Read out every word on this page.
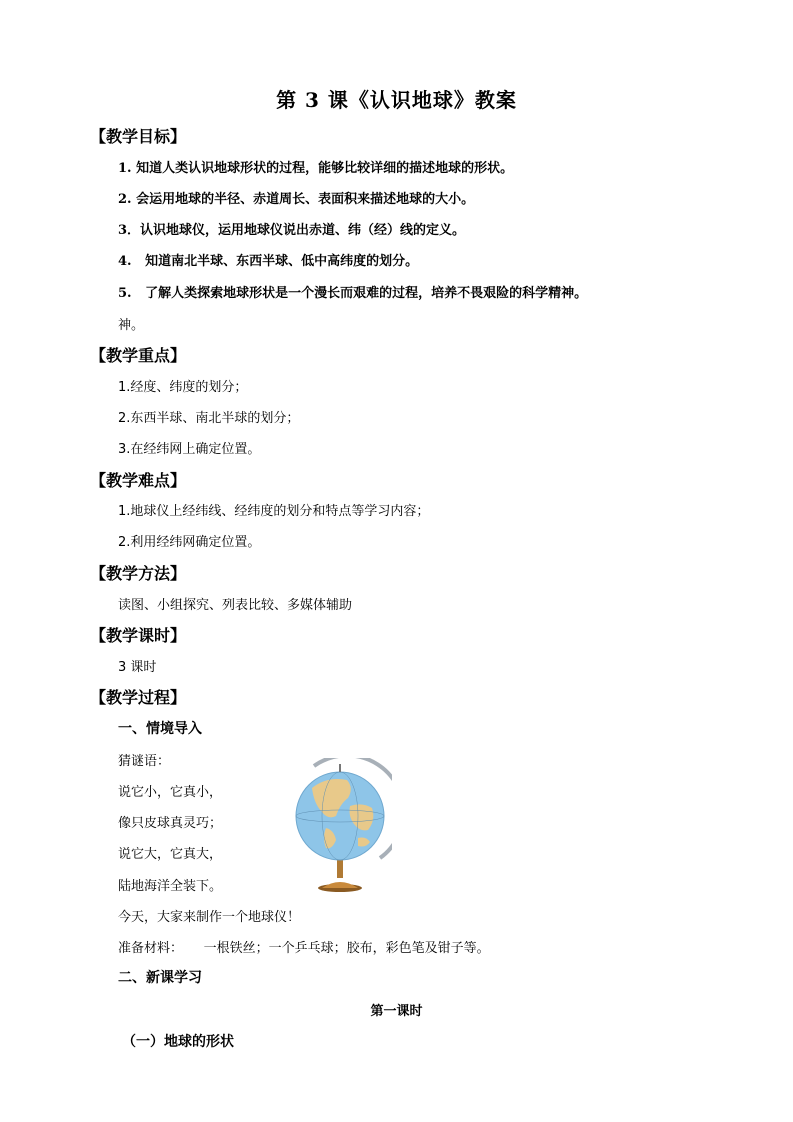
第 3 课《认识地球》教案
【教学目标】
1. 知道人类认识地球形状的过程，能够比较详细的描述地球的形状。
2. 会运用地球的半径、赤道周长、表面积来描述地球的大小。
3．认识地球仪，运用地球仪说出赤道、纬（经）线的定义。
4.   知道南北半球、东西半球、低中高纬度的划分。
5.   了解人类探索地球形状是一个漫长而艰难的过程，培养不畏艰险的科学精神。
神。
【教学重点】
1.经度、纬度的划分；
2.东西半球、南北半球的划分；
3.在经纬网上确定位置。
【教学难点】
1.地球仪上经纬线、经纬度的划分和特点等学习内容；
2.利用经纬网确定位置。
【教学方法】
读图、小组探究、列表比较、多媒体辅助
【教学课时】
3 课时
【教学过程】
一、情境导入
猜谜语：
说它小，它真小，
像只皮球真灵巧；
说它大，它真大，
陆地海洋全装下。
今天，大家来制作一个地球仪！
准备材料：     一根铁丝；一个乒乓球；胶布，彩色笔及钳子等。
二、新课学习
第一课时
（一）地球的形状
